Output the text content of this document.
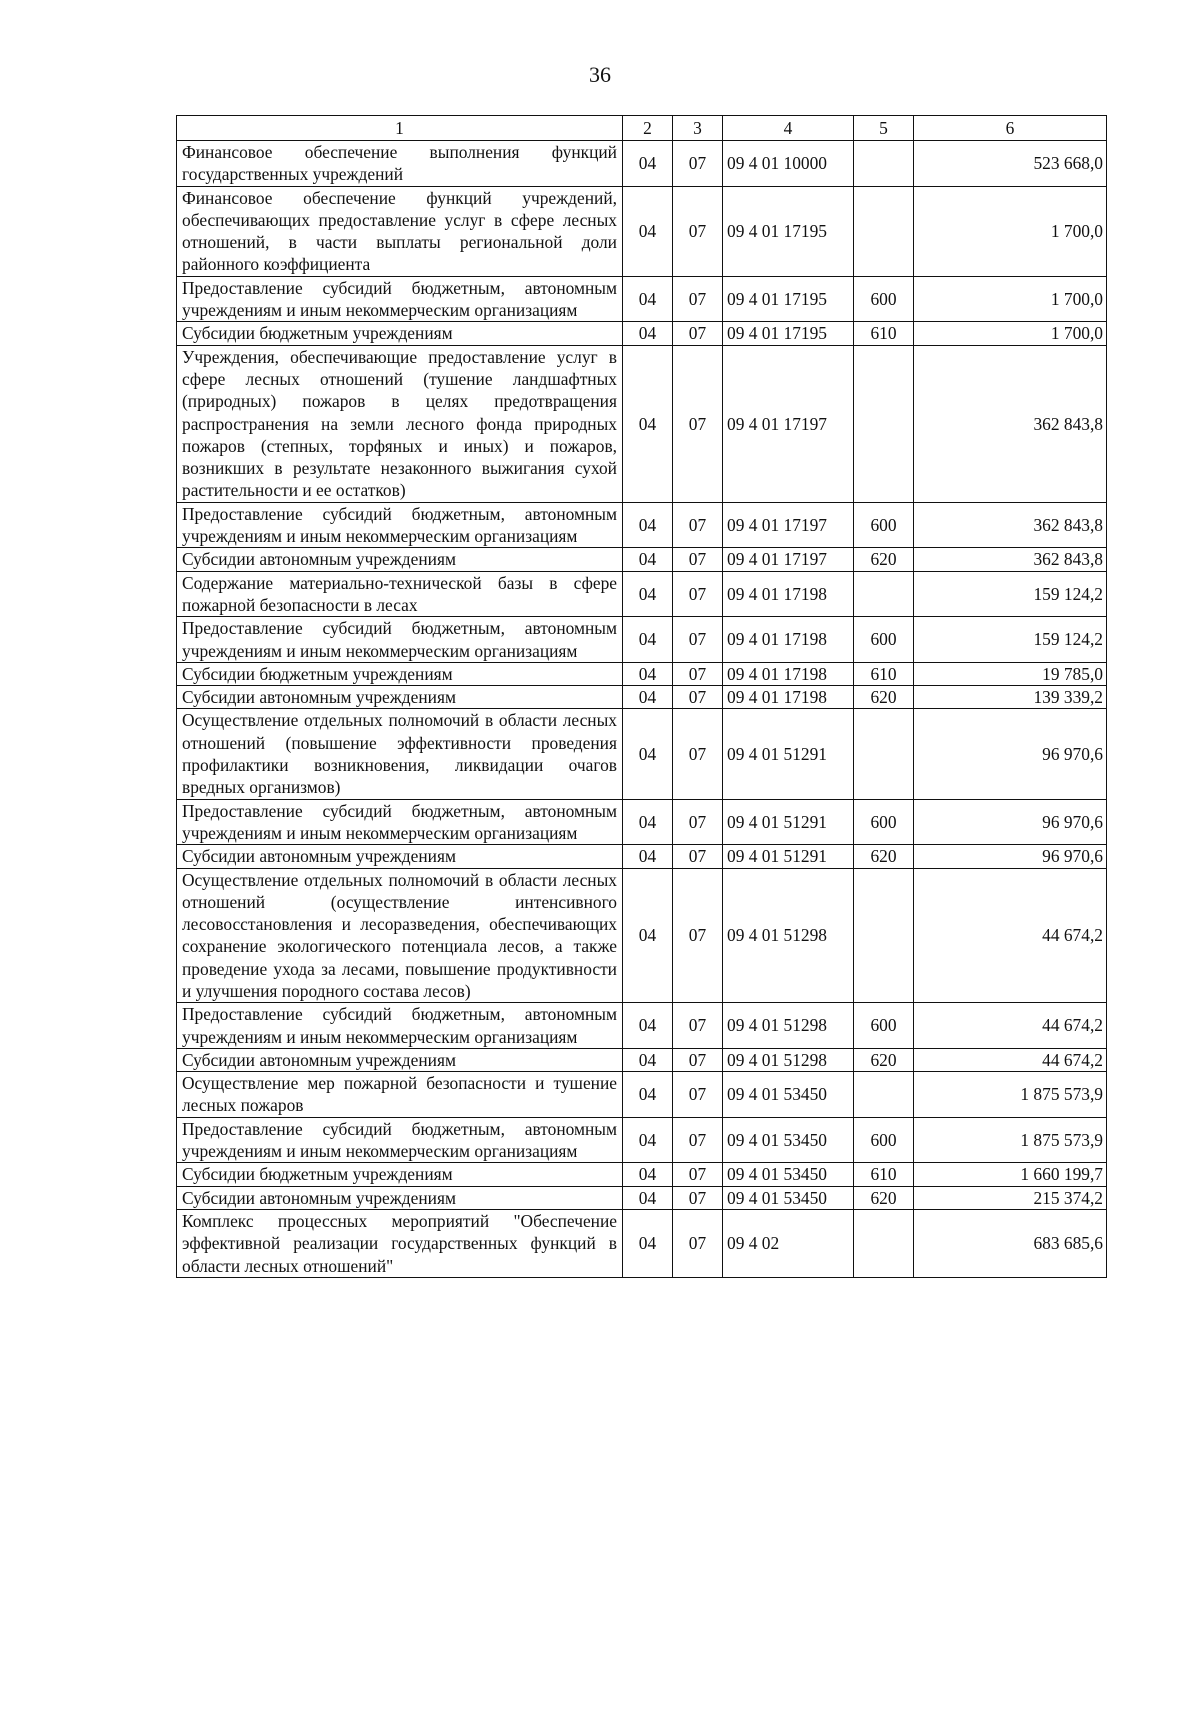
36
1	2	3	4	5	6
Финансовое обеспечение выполнения функций государственных учреждений	04	07	09 4 01 10000		523 668,0
Финансовое обеспечение функций учреждений, обеспечивающих предоставление услуг в сфере лесных отношений, в части выплаты региональной доли районного коэффициента	04	07	09 4 01 17195		1 700,0
Предоставление субсидий бюджетным, автономным учреждениям и иным некоммерческим организациям	04	07	09 4 01 17195	600	1 700,0
Субсидии бюджетным учреждениям	04	07	09 4 01 17195	610	1 700,0
Учреждения, обеспечивающие предоставление услуг в сфере лесных отношений (тушение ландшафтных (природных) пожаров в целях предотвращения распространения на земли лесного фонда природных пожаров (степных, торфяных и иных) и пожаров, возникших в результате незаконного выжигания сухой растительности и ее остатков)	04	07	09 4 01 17197		362 843,8
Предоставление субсидий бюджетным, автономным учреждениям и иным некоммерческим организациям	04	07	09 4 01 17197	600	362 843,8
Субсидии автономным учреждениям	04	07	09 4 01 17197	620	362 843,8
Содержание материально-технической базы в сфере пожарной безопасности в лесах	04	07	09 4 01 17198		159 124,2
Предоставление субсидий бюджетным, автономным учреждениям и иным некоммерческим организациям	04	07	09 4 01 17198	600	159 124,2
Субсидии бюджетным учреждениям	04	07	09 4 01 17198	610	19 785,0
Субсидии автономным учреждениям	04	07	09 4 01 17198	620	139 339,2
Осуществление отдельных полномочий в области лесных отношений (повышение эффективности проведения профилактики возникновения, ликвидации очагов вредных организмов)	04	07	09 4 01 51291		96 970,6
Предоставление субсидий бюджетным, автономным учреждениям и иным некоммерческим организациям	04	07	09 4 01 51291	600	96 970,6
Субсидии автономным учреждениям	04	07	09 4 01 51291	620	96 970,6
Осуществление отдельных полномочий в области лесных отношений (осуществление интенсивного лесовосстановления и лесоразведения, обеспечивающих сохранение экологического потенциала лесов, а также проведение ухода за лесами, повышение продуктивности и улучшения породного состава лесов)	04	07	09 4 01 51298		44 674,2
Предоставление субсидий бюджетным, автономным учреждениям и иным некоммерческим организациям	04	07	09 4 01 51298	600	44 674,2
Субсидии автономным учреждениям	04	07	09 4 01 51298	620	44 674,2
Осуществление мер пожарной безопасности и тушение лесных пожаров	04	07	09 4 01 53450		1 875 573,9
Предоставление субсидий бюджетным, автономным учреждениям и иным некоммерческим организациям	04	07	09 4 01 53450	600	1 875 573,9
Субсидии бюджетным учреждениям	04	07	09 4 01 53450	610	1 660 199,7
Субсидии автономным учреждениям	04	07	09 4 01 53450	620	215 374,2
Комплекс процессных мероприятий "Обеспечение эффективной реализации государственных функций в области лесных отношений"	04	07	09 4 02		683 685,6
